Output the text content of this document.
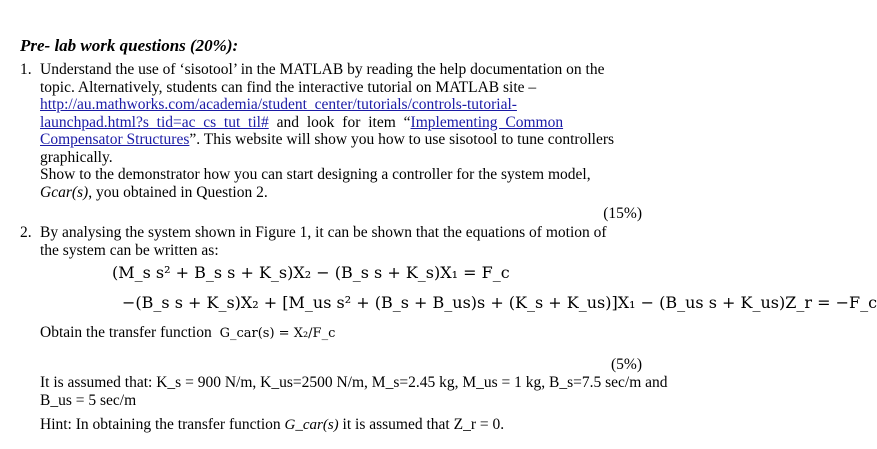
Pre- lab work questions (20%):
1. Understand the use of ‘sisotool’ in the MATLAB by reading the help documentation on the
topic. Alternatively, students can find the interactive tutorial on MATLAB site –
http://au.mathworks.com/academia/student_center/tutorials/controls-tutorial-
launchpad.html?s_tid=ac_cs_tut_til# and look for item “Implementing Common
Compensator Structures”. This website will show you how to use sisotool to tune controllers
graphically.
Show to the demonstrator how you can start designing a controller for the system model,
Gcar(s), you obtained in Question 2.
(15%)
2. By analysing the system shown in Figure 1, it can be shown that the equations of motion of
the system can be written as:
(M_s s² + B_s s + K_s)X₂ − (B_s s + K_s)X₁ = F_c
−(B_s s + K_s)X₂ + [M_us s² + (B_s + B_us)s + (K_s + K_us)]X₁ − (B_us s + K_us)Z_r = −F_c
Obtain the transfer function G_car(s) = X₂/F_c
(5%)
It is assumed that: K_s = 900 N/m, K_us=2500 N/m, M_s=2.45 kg, M_us = 1 kg, B_s=7.5 sec/m and
B_us = 5 sec/m
Hint: In obtaining the transfer function G_car(s) it is assumed that Z_r = 0.
